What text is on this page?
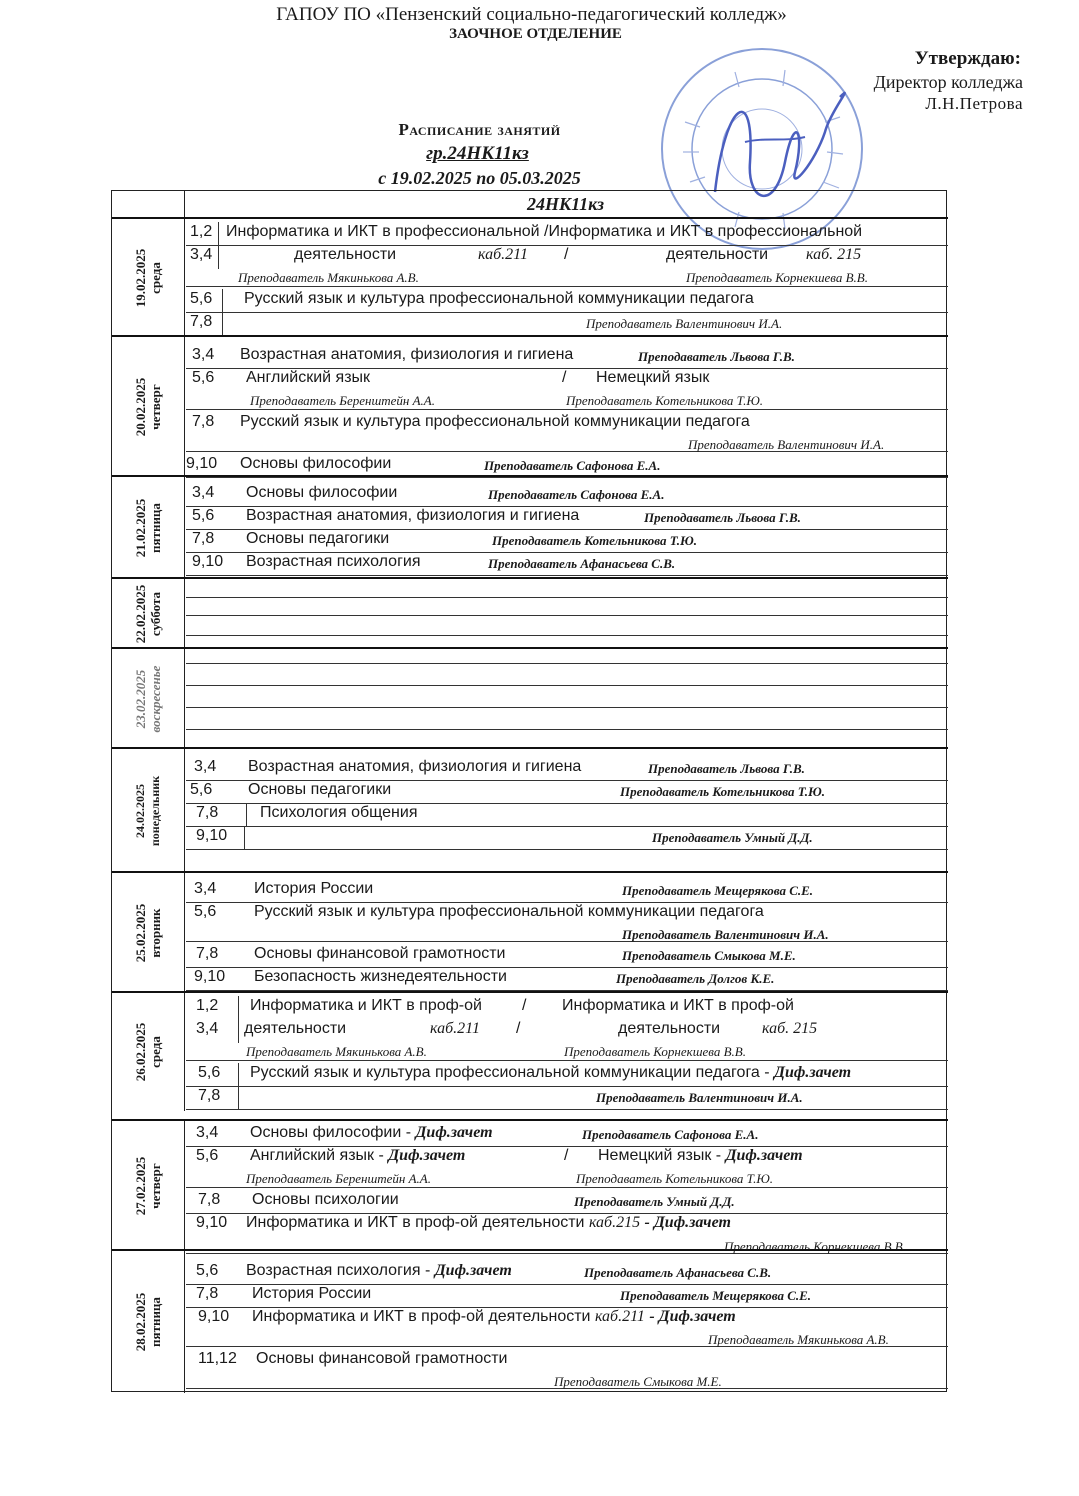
ГАПОУ ПО «Пензенский социально-педагогический колледж»
ЗАОЧНОЕ ОТДЕЛЕНИЕ
Утверждаю:
Директор колледжа
Л.Н.Петрова
Расписание занятий
гр.24НК11кз
с 19.02.2025 по 05.03.2025
24НК11кз
19.02.2025 среда
1,2 Информатика и ИКТ в профессиональной /Информатика и ИКТ в профессиональной
3,4	деятельности	каб.211 /	деятельности каб. 215
Преподаватель Мякинькова А.В.	Преподаватель Корнекшева В.В.
5,6 Русский язык и культура профессиональной коммуникации педагога
7,8	Преподаватель Валентинович И.А.
20.02.2025 четверг
3,4 Возрастная анатомия, физиология и гигиена	Преподаватель Львова Г.В.
5,6 Английский язык	/ Немецкий язык
Преподаватель Беренштейн А.А.	Преподаватель Котельникова Т.Ю.
7,8 Русский язык и культура профессиональной коммуникации педагога
Преподаватель Валентинович И.А.
9,10 Основы философии	Преподаватель Сафонова Е.А.
21.02.2025 пятница
3,4 Основы философии	Преподаватель Сафонова Е.А.
5,6 Возрастная анатомия, физиология и гигиена	Преподаватель Львова Г.В.
7,8 Основы педагогики	Преподаватель Котельникова Т.Ю.
9,10 Возрастная психология	Преподаватель Афанасьева С.В.
22.02.2025 суббота
23.02.2025 воскресенье
24.02.2025 понедельник
3,4 Возрастная анатомия, физиология и гигиена	Преподаватель Львова Г.В.
5,6 Основы педагогики	Преподаватель Котельникова Т.Ю.
7,8	Психология общения
9,10	Преподаватель Умный Д.Д.
25.02.2025 вторник
3,4 История России	Преподаватель Мещерякова С.Е.
5,6 Русский язык и культура профессиональной коммуникации педагога
Преподаватель Валентинович И.А.
7,8 Основы финансовой грамотности	Преподаватель Смыкова М.Е.
9,10 Безопасность жизнедеятельности	Преподаватель Долгов К.Е.
26.02.2025 среда
1,2 Информатика и ИКТ в проф-ой	/ Информатика и ИКТ в проф-ой
3,4 деятельности	каб.211 /	деятельности	каб. 215
Преподаватель Мякинькова А.В.	Преподаватель Корнекшева В.В.
5,6 Русский язык и культура профессиональной коммуникации педагога - Диф.зачет
7,8	Преподаватель Валентинович И.А.
27.02.2025 четверг
3,4 Основы философии - Диф.зачет	Преподаватель Сафонова Е.А.
5,6 Английский язык - Диф.зачет	/ Немецкий язык - Диф.зачет
Преподаватель Беренштейн А.А.	Преподаватель Котельникова Т.Ю.
7,8 Основы психологии	Преподаватель Умный Д.Д.
9,10 Информатика и ИКТ в проф-ой деятельности каб.215 - Диф.зачет
Преподаватель Корнекшева В.В
28.02.2025 пятница
5,6 Возрастная психология - Диф.зачет	Преподаватель Афанасьева С.В.
7,8 История России	Преподаватель Мещерякова С.Е.
9,10 Информатика и ИКТ в проф-ой деятельности каб.211 - Диф.зачет
Преподаватель Мякинькова А.В.
11,12 Основы финансовой грамотности
Преподаватель Смыкова М.Е.
